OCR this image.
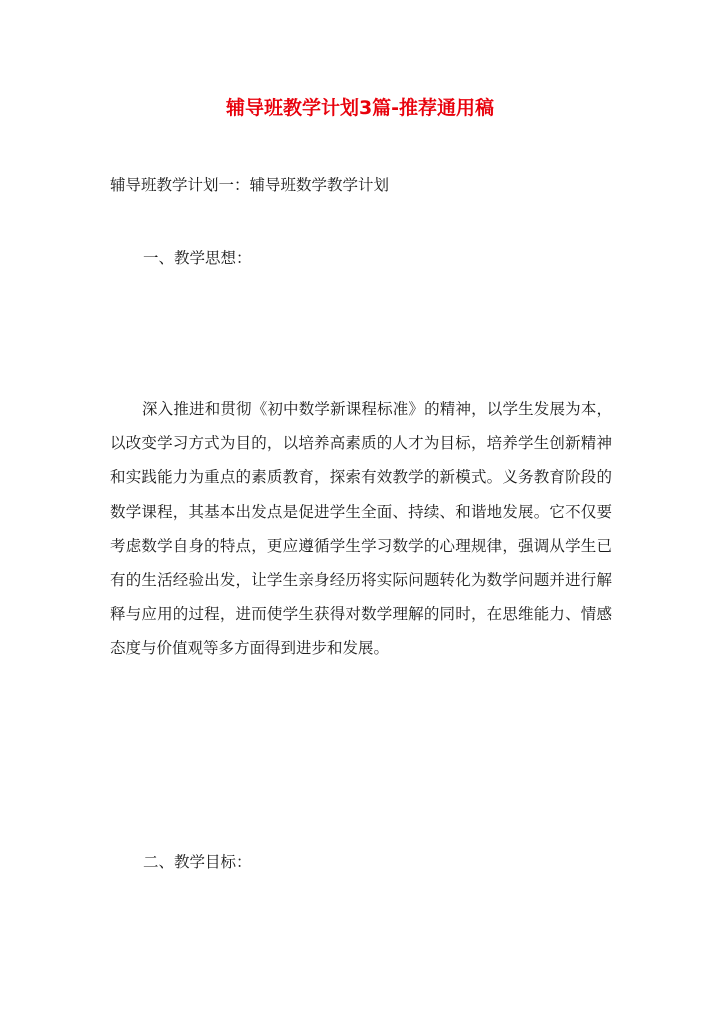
辅导班教学计划3篇-推荐通用稿
辅导班教学计划一：辅导班数学教学计划
一、教学思想：

深入推进和贯彻《初中数学新课程标准》的精神，以学生发展为本，以改变学习方式为目的，以培养高素质的人才为目标，培养学生创新精神和实践能力为重点的素质教育，探索有效教学的新模式。义务教育阶段的数学课程，其基本出发点是促进学生全面、持续、和谐地发展。它不仅要考虑数学自身的特点，更应遵循学生学习数学的心理规律，强调从学生已有的生活经验出发，让学生亲身经历将实际问题转化为数学问题并进行解释与应用的过程，进而使学生获得对数学理解的同时，在思维能力、情感态度与价值观等多方面得到进步和发展。

二、教学目标：
